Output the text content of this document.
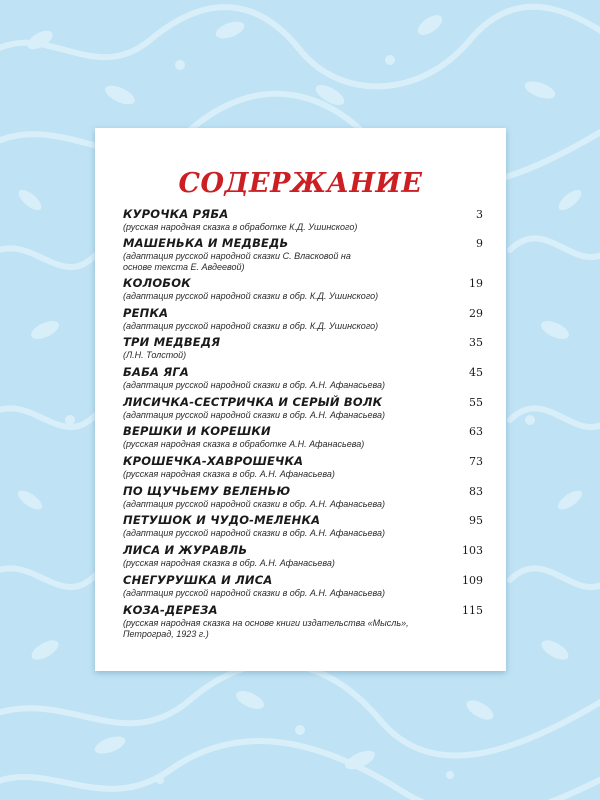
СОДЕРЖАНИЕ
КУРОЧКА РЯБА	3
(русская народная сказка в обработке К.Д. Ушинского)
МАШЕНЬКА И МЕДВЕДЬ	9
(адаптация русской народной сказки С. Власковой на основе текста Е. Авдеевой)
КОЛОБОК	19
(адаптация русской народной сказки в обр. К.Д. Ушинского)
РЕПКА	29
(адаптация русской народной сказки в обр. К.Д. Ушинского)
ТРИ МЕДВЕДЯ	35
(Л.Н. Толстой)
БАБА ЯГА	45
(адаптация русской народной сказки в обр. А.Н. Афанасьева)
ЛИСИЧКА-СЕСТРИЧКА И СЕРЫЙ ВОЛК	55
(адаптация русской народной сказки в обр. А.Н. Афанасьева)
ВЕРШКИ И КОРЕШКИ	63
(русская народная сказка в обработке А.Н. Афанасьева)
КРОШЕЧКА-ХАВРОШЕЧКА	73
(русская народная сказка в обр. А.Н. Афанасьева)
ПО ЩУЧЬЕМУ ВЕЛЕНЬЮ	83
(адаптация русской народной сказки в обр. А.Н. Афанасьева)
ПЕТУШОК И ЧУДО-МЕЛЕНКА	95
(адаптация русской народной сказки в обр. А.Н. Афанасьева)
ЛИСА И ЖУРАВЛЬ	103
(русская народная сказка в обр. А.Н. Афанасьева)
СНЕГУРУШКА И ЛИСА	109
(адаптация русской народной сказки в обр. А.Н. Афанасьева)
КОЗА-ДЕРЕЗА	115
(русская народная сказка на основе книги издательства «Мысль», Петроград, 1923 г.)
